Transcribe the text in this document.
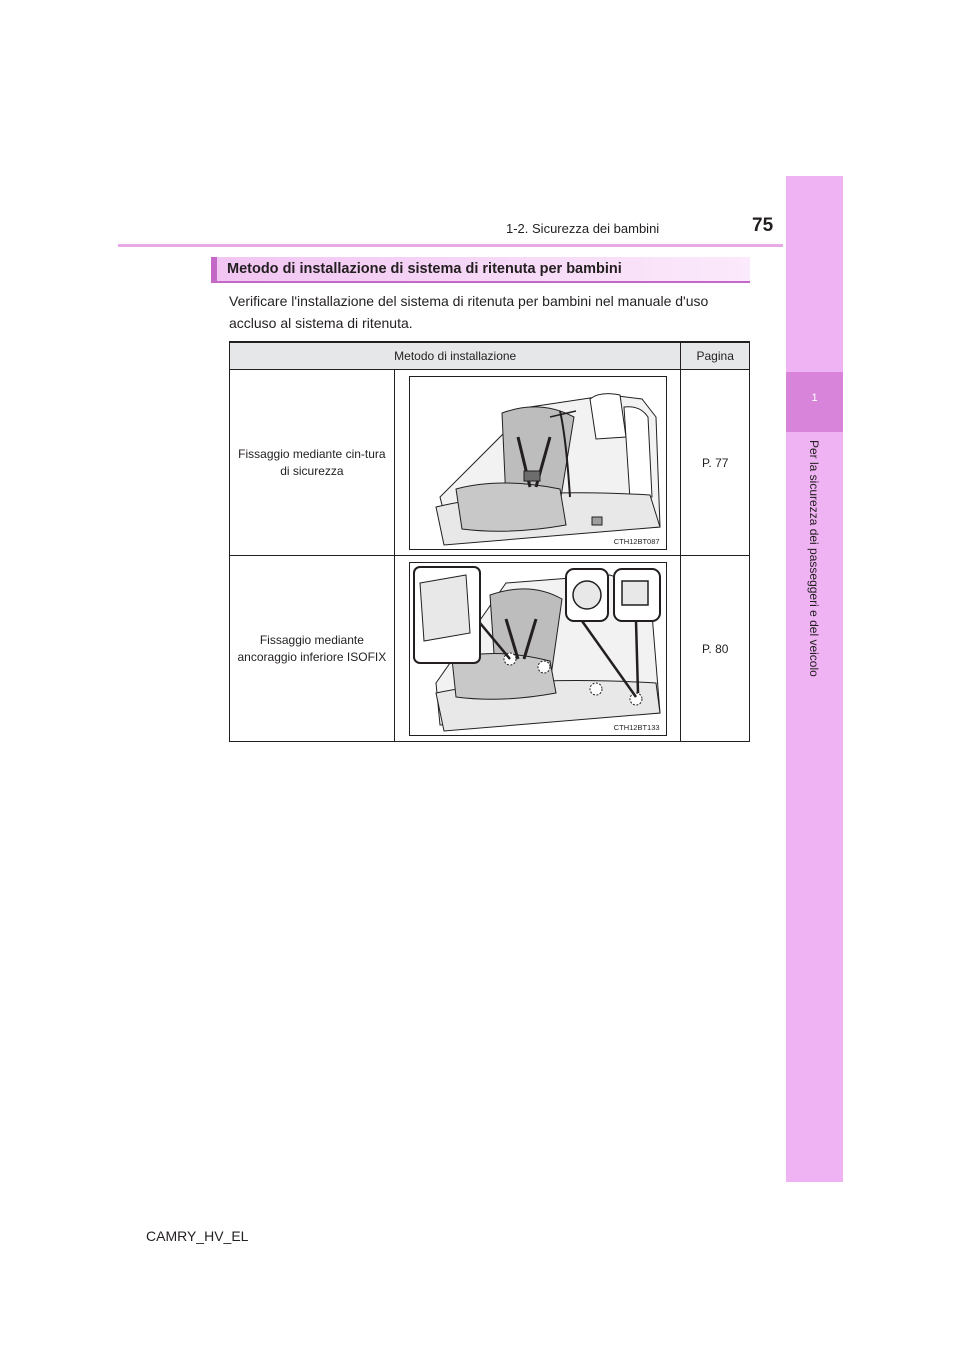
1
Per la sicurezza dei passeggeri e del veicolo
1-2. Sicurezza dei bambini	75
Metodo di installazione di sistema di ritenuta per bambini
Verificare l'installazione del sistema di ritenuta per bambini nel manuale d'uso accluso al sistema di ritenuta.
Metodo di installazione		Pagina

Fissaggio mediante cin-tura di sicurezza	CTH12BT087	P. 77

Fissaggio mediante ancoraggio inferiore ISOFIX	CTH12BT133	P. 80
CAMRY_HV_EL
